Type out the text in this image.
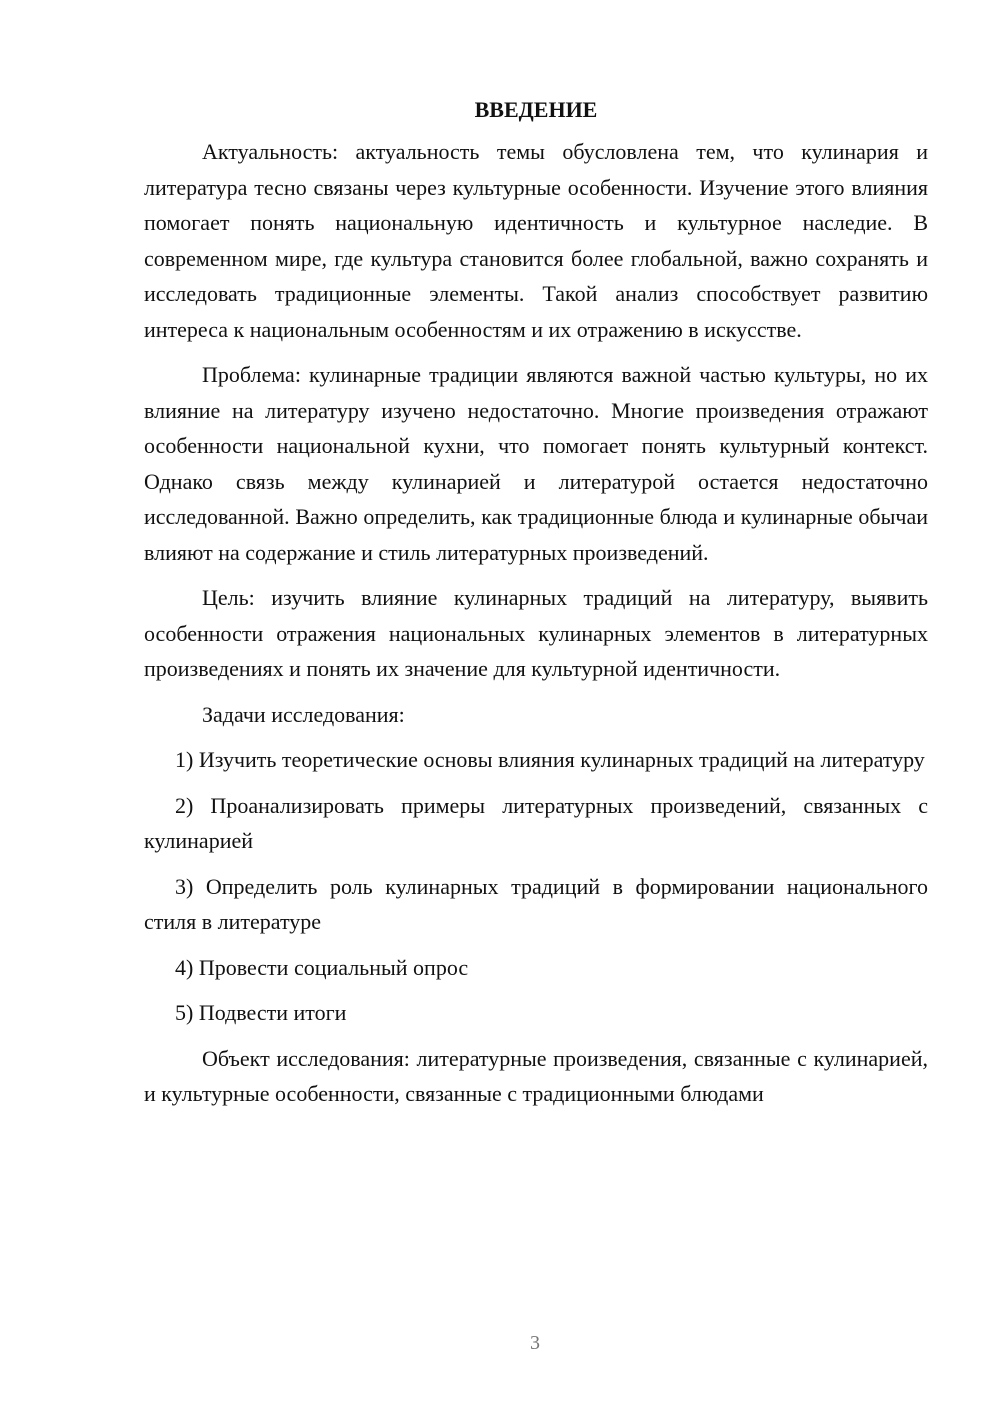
ВВЕДЕНИЕ

Актуальность: актуальность темы обусловлена тем, что кулинария и литература тесно связаны через культурные особенности. Изучение этого влияния помогает понять национальную идентичность и культурное наследие. В современном мире, где культура становится более глобальной, важно сохранять и исследовать традиционные элементы. Такой анализ способствует развитию интереса к национальным особенностям и их отражению в искусстве.

Проблема: кулинарные традиции являются важной частью культуры, но их влияние на литературу изучено недостаточно. Многие произведения отражают особенности национальной кухни, что помогает понять культурный контекст. Однако связь между кулинарией и литературой остается недостаточно исследованной. Важно определить, как традиционные блюда и кулинарные обычаи влияют на содержание и стиль литературных произведений.

Цель: изучить влияние кулинарных традиций на литературу, выявить особенности отражения национальных кулинарных элементов в литературных произведениях и понять их значение для культурной идентичности.

Задачи исследования:

1) Изучить теоретические основы влияния кулинарных традиций на литературу

2) Проанализировать примеры литературных произведений, связанных с кулинарией

3) Определить роль кулинарных традиций в формировании национального стиля в литературе

4) Провести социальный опрос

5) Подвести итоги

Объект исследования: литературные произведения, связанные с кулинарией, и культурные особенности, связанные с традиционными блюдами

3
